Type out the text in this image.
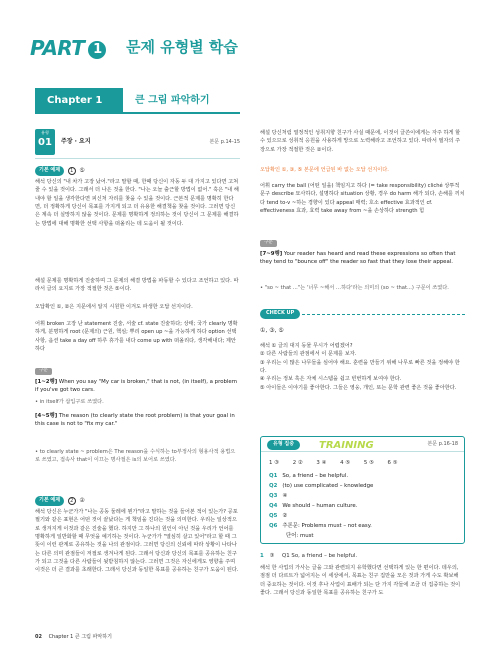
PART 1	문제 유형별 학습
Chapter 1	큰 그림 파악하기
유형
01	주장 · 요지	본문 p.14-15
기본 예제 1 ⑤
해석 당신의 "내 차가 고장 났어."라고 말할 때, 한때 당신이 자동 두 대 가지고 있다면 고쳐줄 수 있을 것이다. 그래서 더 나은 것을 한다. "나는 오늘 출근할 방법이 없어." 혹은 "내 해내야 할 일을 생각한다면 피신처 자리를 찾을 수 있을 것이다. 근본적 문제를 명확히 한다면, 더 정확하게 당신이 목표를 가지게 되고 더 유용한 해결책을 찾을 것이다. 그러면 당신은 계속 더 실망하지 않을 것이다. 문제를 명확하게 정의하는 것이 당신이 그 문제를 해결하는 방법에 대해 명확한 선택 사항을 떠올리는 데 도움이 될 것이다.
해설 문제를 명확하게 진술하며 그 문제의 해결 방법을 파동할 수 있다고 조언하고 있다. 따라서 글의 요지로 가장 적절한 것은 ⑤이다.
오답확인 ①, ②은 지문에서 알지 시원한 이겨도 파생한 오답 선지이다.
어휘 broken 고장 난 statement 진술, 서술 cf. state 진술하다; 상태; 국가 clearly 명확하게, 분명하게 root (문제의) 근원, 핵심; 뿌리 open up ~을 가능하게 하다 option 선택 사항, 옵션 take a day off 하루 휴가를 내다 come up with 떠올리다, 생각해내다; 제안하다
구문
[1~2행] When you say "My car is broken," that is not, (in itself), a problem if you've got two cars.
• in itself가 삽입구로 쓰였다.
[4~5행] The reason (to clearly state the root problem) is that your goal in this case is not to "fix my car."
• to clearly state ~ problem은 The reason을 수식하는 to부정사의 형용사적 용법으로 쓰였고, 접속사 that이 이끄는 명사절은 is의 보어로 쓰였다.
기본 예제 2 ②
해석 당신은 누군가가 "나는 공동 둘레에 뭔가"라고 말하는 것을 들어본 적이 있는가? 공포 필기와 같은 표현은 어떤 것이 끝났다는 게 책임을 진다는 것을 의미한다. 우리는 일상적으로 생겨지게 이것과 같은 진술을 했다. 하지만 그 하나의 원인이 아닌 것을 우리가 언어를 명확하게 일반화할 때 무엇을 예기하는 것이다. 누군가가 "열심히 살고 있어"라고 할 때 그 뜻이 이런 관계로 공유하는 것을 나의 관점이다. 그러면 당신의 신뢰에 따라 상황이 나타나는 다른 의미 관점들이 저절로 생겨나게 된다. 그래서 당신과 당신의 목표를 공유하는 친구가 되고 그것을 다른 사람들이 뒷받침하지 않는다. 그러면 그것은 자신에게도 영향을 주며 이것은 더 큰 결과를 초래한다. 그래서 당신과 동일한 목표를 공유하는 친구가 도움이 된다.
해설 당신처럼 열정적인 성취지향 친구가 사실 때문에, 이것이 글쓴이에게는 자주 하게 할 수 있으므로 성취적 응원을 사용하게 망으로 노력해라고 조언하고 있다. 따라서 필자의 주장으로 가장 적절한 것은 ②이다.
오답확인 ①, ③, ⑤ 본문에 언급된 바 없는 오답 선지이다.
어휘 carry the ball (어떤 일을) 책임지고 하다 (= take responsibility) cliché 상투적 문구 describe 묘사하다, 설명하다 situation 상황, 경우 do harm 해가 되다, 손해를 끼치다 tend to-v ~하는 경향이 있다 appeal 매력; 호소 effective 효과적인 cf. effectiveness 효과, 효력 take away from ~을 손상하다 strength 힘
구문
[7~9행] Your reader has heard and read these expressions so often that they tend to "bounce off" the reader so fast that they lose their appeal.
• "so ~ that ..."는 '너무 ~해서 …하다'라는 의미의 (so ~ that...) 구문이 쓰였다.
CHECK UP
①, ③, ⑤
해석 ① 글의 대지 동물 무시가 어렵겠어?
② 다른 사람들의 관점에서 이 문제를 보자.
③ 우리는 이 많은 나무들을 심어야 해요. 훈련을 만들기 위해 나무로 빠른 것을 정해야 한다.
④ 우리는 정보 혹은 자체 시스템을 쉽고 빈번하게 보여야 한다.
⑤ 아이들은 이야기를 좋아한다. 그들은 영웅, 개인, 또는 문학 관련 좋은 것을 좋아한다.
유형 집중	TRAINING	본문 p.16-18
1 ③	2 ②	3 ④	4 ⑤	5 ⑤	6 ⑤
Q1 So, a friend – be helpful.
Q2 (to) use complicated – knowledge
Q3 ④
Q4 We should – human culture.
Q5 ②
Q6 추론문: Problems must – not easy.
단어: must
1 ③ Q1 So, a friend – be helpful.
해석 한 사업의 가사는 글을 그와 관련되지 유학했다면 선택하게 있는 한 편이다. 데우의, 점점 더 다르트가 넓어지는 이 세상에서, 목표는 친구 집만을 모은 것과 가게 수도 확보해 더 중요하는 것이다. 이것 후나 사업이 표배가 되는 단 가지 각들에 조금 더 집중하는 것이 좋다. 그래서 당신과 동일한 목표를 공유하는 친구가 도
02 Chapter 1 큰 그림 파악하기
